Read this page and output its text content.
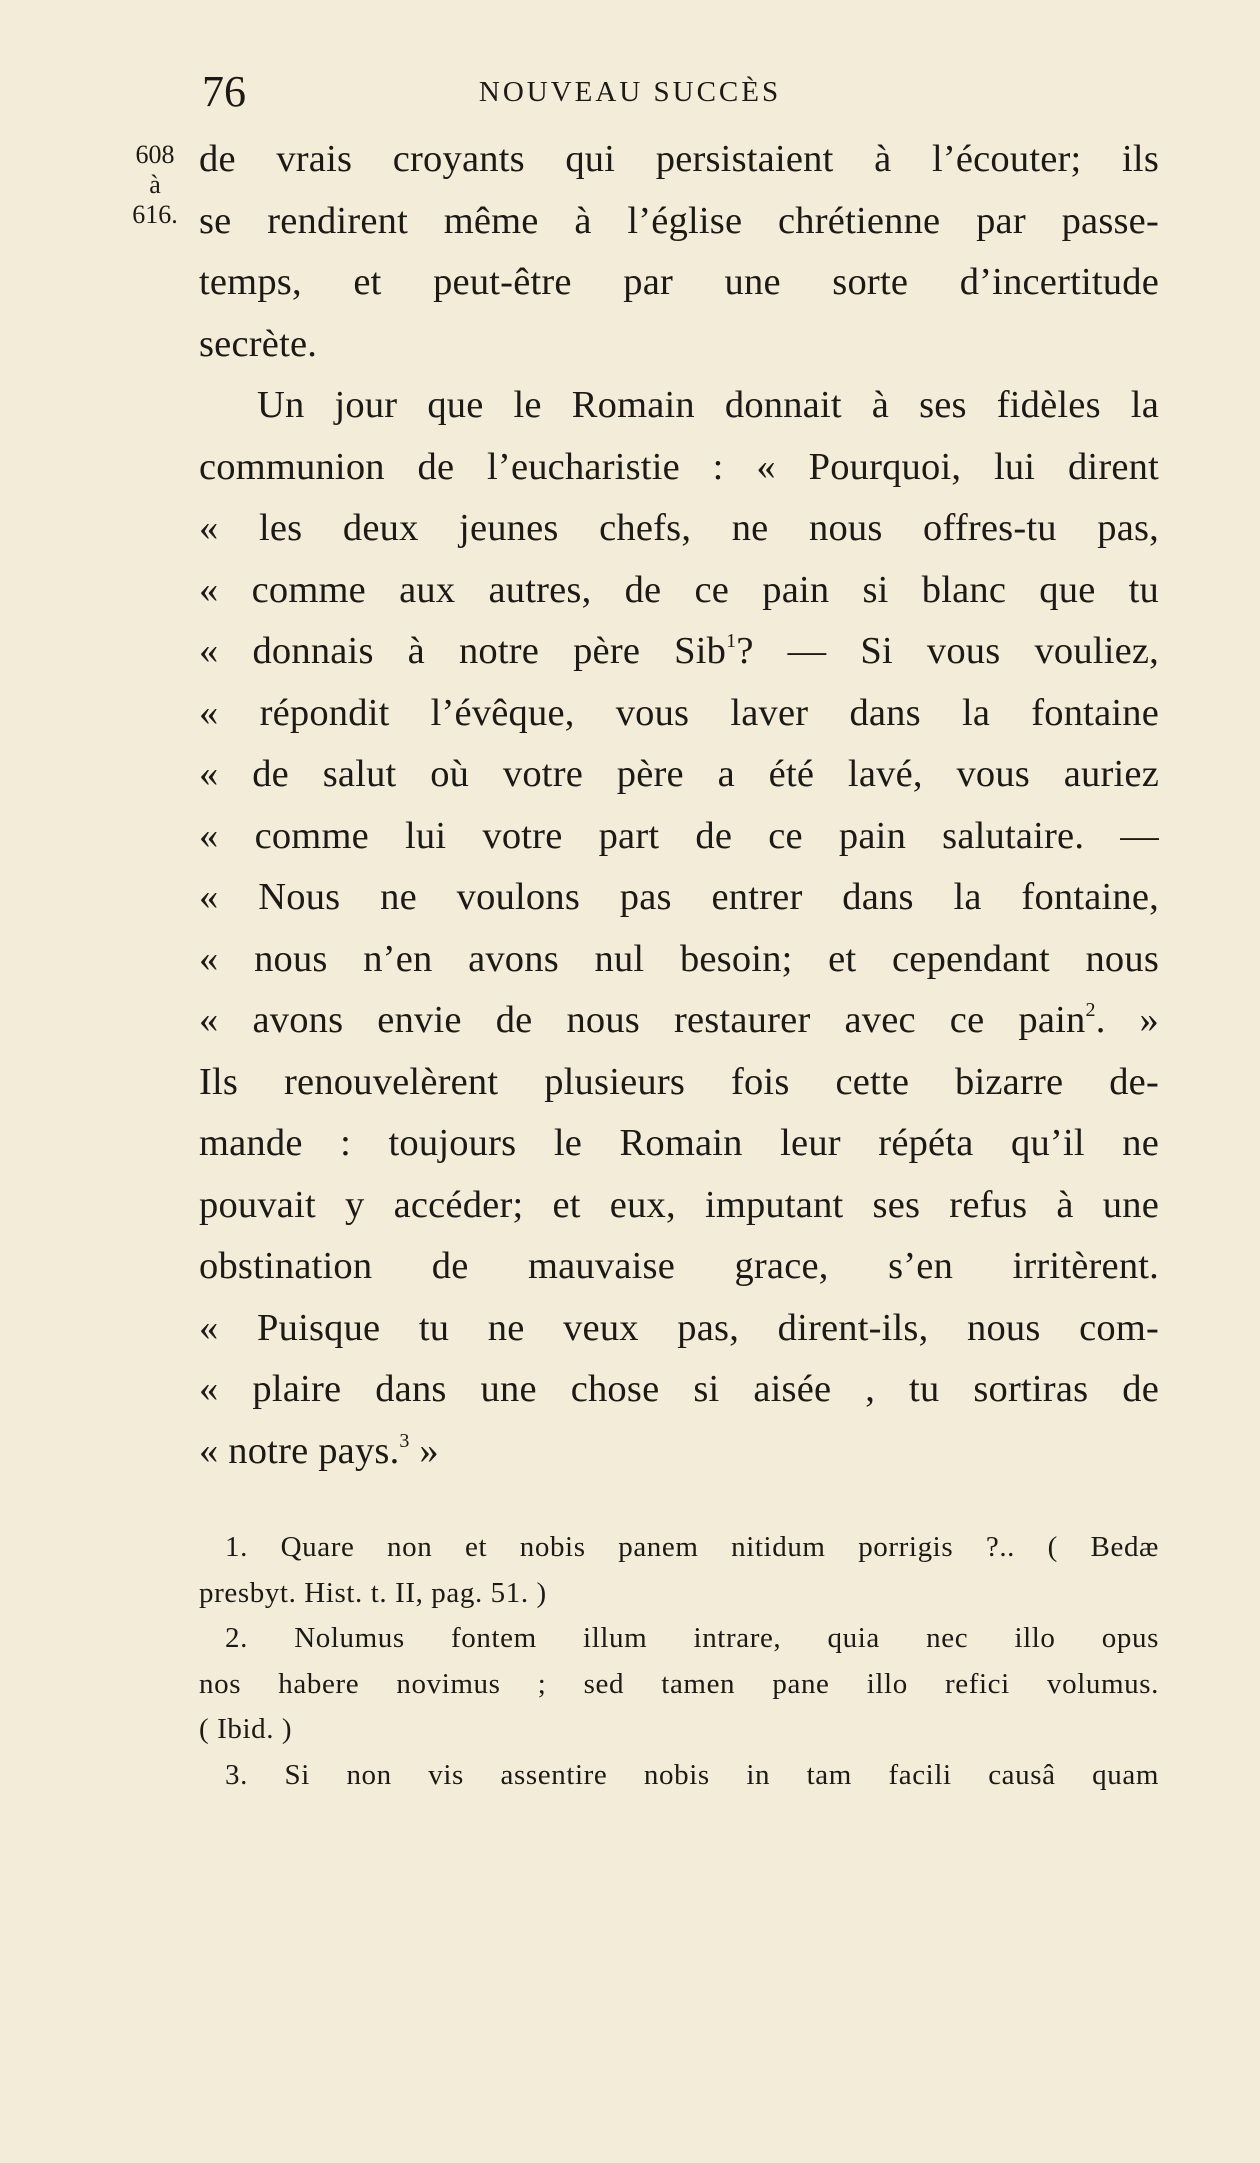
76	NOUVEAU SUCCÈS
608
à
616.
de vrais croyants qui persistaient à l’écouter; ils
se rendirent même à l’église chrétienne par passe-
temps, et peut-être par une sorte d’incertitude
secrète.
Un jour que le Romain donnait à ses fidèles la
communion de l’eucharistie : « Pourquoi, lui dirent
« les deux jeunes chefs, ne nous offres-tu pas,
« comme aux autres, de ce pain si blanc que tu
« donnais à notre père Sib$^1$? — Si vous vouliez,
« répondit l’évêque, vous laver dans la fontaine
« de salut où votre père a été lavé, vous auriez
« comme lui votre part de ce pain salutaire. —
« Nous ne voulons pas entrer dans la fontaine,
« nous n’en avons nul besoin; et cependant nous
« avons envie de nous restaurer avec ce pain$^2$. »
Ils renouvelèrent plusieurs fois cette bizarre de-
mande : toujours le Romain leur répéta qu’il ne
pouvait y accéder; et eux, imputant ses refus à une
obstination de mauvaise grace, s’en irritèrent.
« Puisque tu ne veux pas, dirent-ils, nous com-
« plaire dans une chose si aisée , tu sortiras de
« notre pays.$^3$ »
1. Quare non et nobis panem nitidum porrigis ?.. ( Bedæ
presbyt. Hist. t. II, pag. 51. )
2. Nolumus fontem illum intrare, quia nec illo opus
nos habere novimus ; sed tamen pane illo refici volumus.
( Ibid. )
3. Si non vis assentire nobis in tam facili causâ quam
